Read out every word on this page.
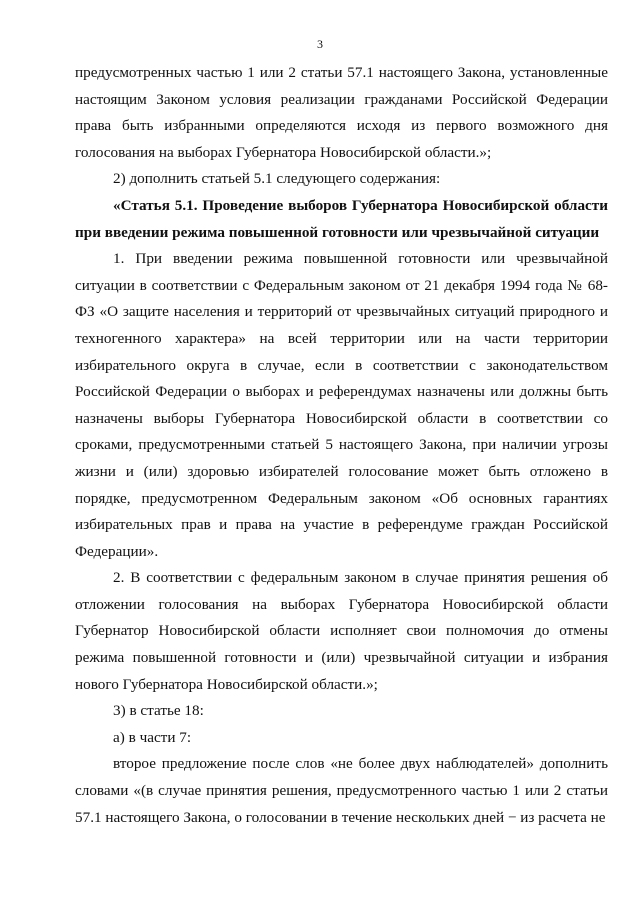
3

предусмотренных частью 1 или 2 статьи 57.1 настоящего Закона, установленные настоящим Законом условия реализации гражданами Российской Федерации права быть избранными определяются исходя из первого возможного дня голосования на выборах Губернатора Новосибирской области.»;

2) дополнить статьей 5.1 следующего содержания:

«Статья 5.1. Проведение выборов Губернатора Новосибирской области при введении режима повышенной готовности или чрезвычайной ситуации

1. При введении режима повышенной готовности или чрезвычайной ситуации в соответствии с Федеральным законом от 21 декабря 1994 года № 68-ФЗ «О защите населения и территорий от чрезвычайных ситуаций природного и техногенного характера» на всей территории или на части территории избирательного округа в случае, если в соответствии с законодательством Российской Федерации о выборах и референдумах назначены или должны быть назначены выборы Губернатора Новосибирской области в соответствии со сроками, предусмотренными статьей 5 настоящего Закона, при наличии угрозы жизни и (или) здоровью избирателей голосование может быть отложено в порядке, предусмотренном Федеральным законом «Об основных гарантиях избирательных прав и права на участие в референдуме граждан Российской Федерации».

2. В соответствии с федеральным законом в случае принятия решения об отложении голосования на выборах Губернатора Новосибирской области Губернатор Новосибирской области исполняет свои полномочия до отмены режима повышенной готовности и (или) чрезвычайной ситуации и избрания нового Губернатора Новосибирской области.»;

3) в статье 18:

а) в части 7:

второе предложение после слов «не более двух наблюдателей» дополнить словами «(в случае принятия решения, предусмотренного частью 1 или 2 статьи 57.1 настоящего Закона, о голосовании в течение нескольких дней − из расчета не
